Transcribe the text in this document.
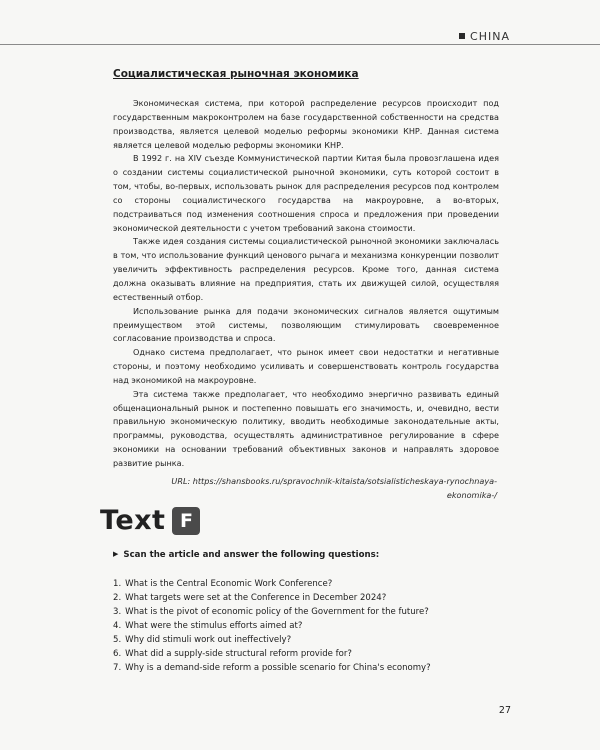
CHINA
Социалистическая рыночная экономика

Экономическая система, при которой распределение ресурсов происходит под государственным макроконтролем на базе государственной собственности на средства производства, является целевой моделью реформы экономики КНР. Данная система является целевой моделью реформы экономики КНР.

В 1992 г. на XIV съезде Коммунистической партии Китая была провозглашена идея о создании системы социалистической рыночной экономики, суть которой состоит в том, чтобы, во-первых, использовать рынок для распределения ресурсов под контролем со стороны социалистического государства на макроуровне, а во-вторых, подстраиваться под изменения соотношения спроса и предложения при проведении экономической деятельности с учетом требований закона стоимости.

Также идея создания системы социалистической рыночной экономики заключалась в том, что использование функций ценового рычага и механизма конкуренции позволит увеличить эффективность распределения ресурсов. Кроме того, данная система должна оказывать влияние на предприятия, стать их движущей силой, осуществляя естественный отбор.

Использование рынка для подачи экономических сигналов является ощутимым преимуществом этой системы, позволяющим стимулировать своевременное согласование производства и спроса.

Однако система предполагает, что рынок имеет свои недостатки и негативные стороны, и поэтому необходимо усиливать и совершенствовать контроль государства над экономикой на макроуровне.

Эта система также предполагает, что необходимо энергично развивать единый общенациональный рынок и постепенно повышать его значимость, и, очевидно, вести правильную экономическую политику, вводить необходимые законодательные акты, программы, руководства, осуществлять административное регулирование в сфере экономики на основании требований объективных законов и направлять здоровое развитие рынка.

URL: https://shansbooks.ru/spravochnik-kitaista/sotsialisticheskaya-rynochnaya-
ekonomika-/
Text F
▶ Scan the article and answer the following questions:
1. What is the Central Economic Work Conference?
2. What targets were set at the Conference in December 2024?
3. What is the pivot of economic policy of the Government for the future?
4. What were the stimulus efforts aimed at?
5. Why did stimuli work out ineffectively?
6. What did a supply-side structural reform provide for?
7. Why is a demand-side reform a possible scenario for China's economy?
27
